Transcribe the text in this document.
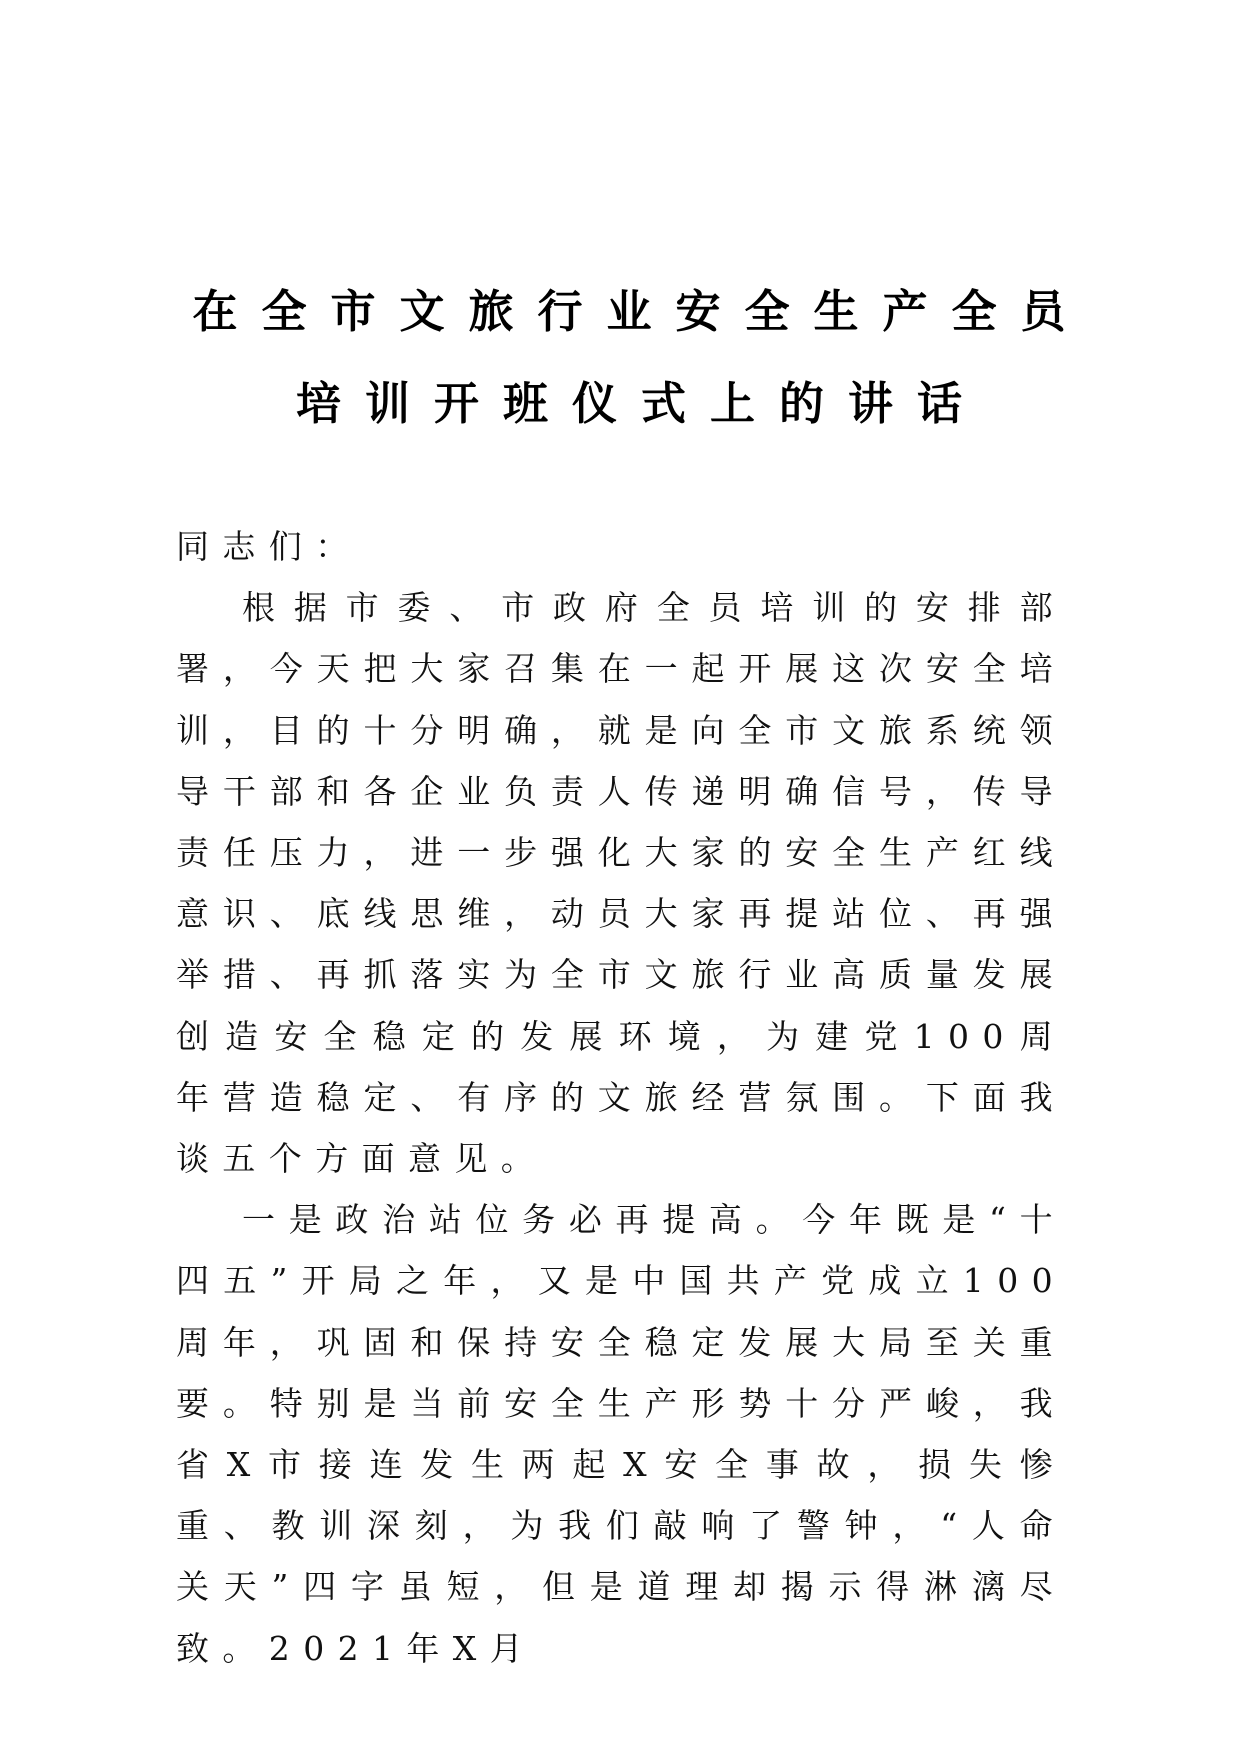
在全市文旅行业安全生产全员
培训开班仪式上的讲话

同志们：

根据市委、市政府全员培训的安排部署，今天把大家召集在一起开展这次安全培训，目的十分明确，就是向全市文旅系统领导干部和各企业负责人传递明确信号，传导责任压力，进一步强化大家的安全生产红线意识、底线思维，动员大家再提站位、再强举措、再抓落实为全市文旅行业高质量发展创造安全稳定的发展环境，为建党100周年营造稳定、有序的文旅经营氛围。下面我谈五个方面意见。

一是政治站位务必再提高。今年既是“十四五”开局之年，又是中国共产党成立100周年，巩固和保持安全稳定发展大局至关重要。特别是当前安全生产形势十分严峻，我省X市接连发生两起X安全事故，损失惨重、教训深刻，为我们敲响了警钟，“人命关天”四字虽短，但是道理却揭示得淋漓尽致。2021年X月
